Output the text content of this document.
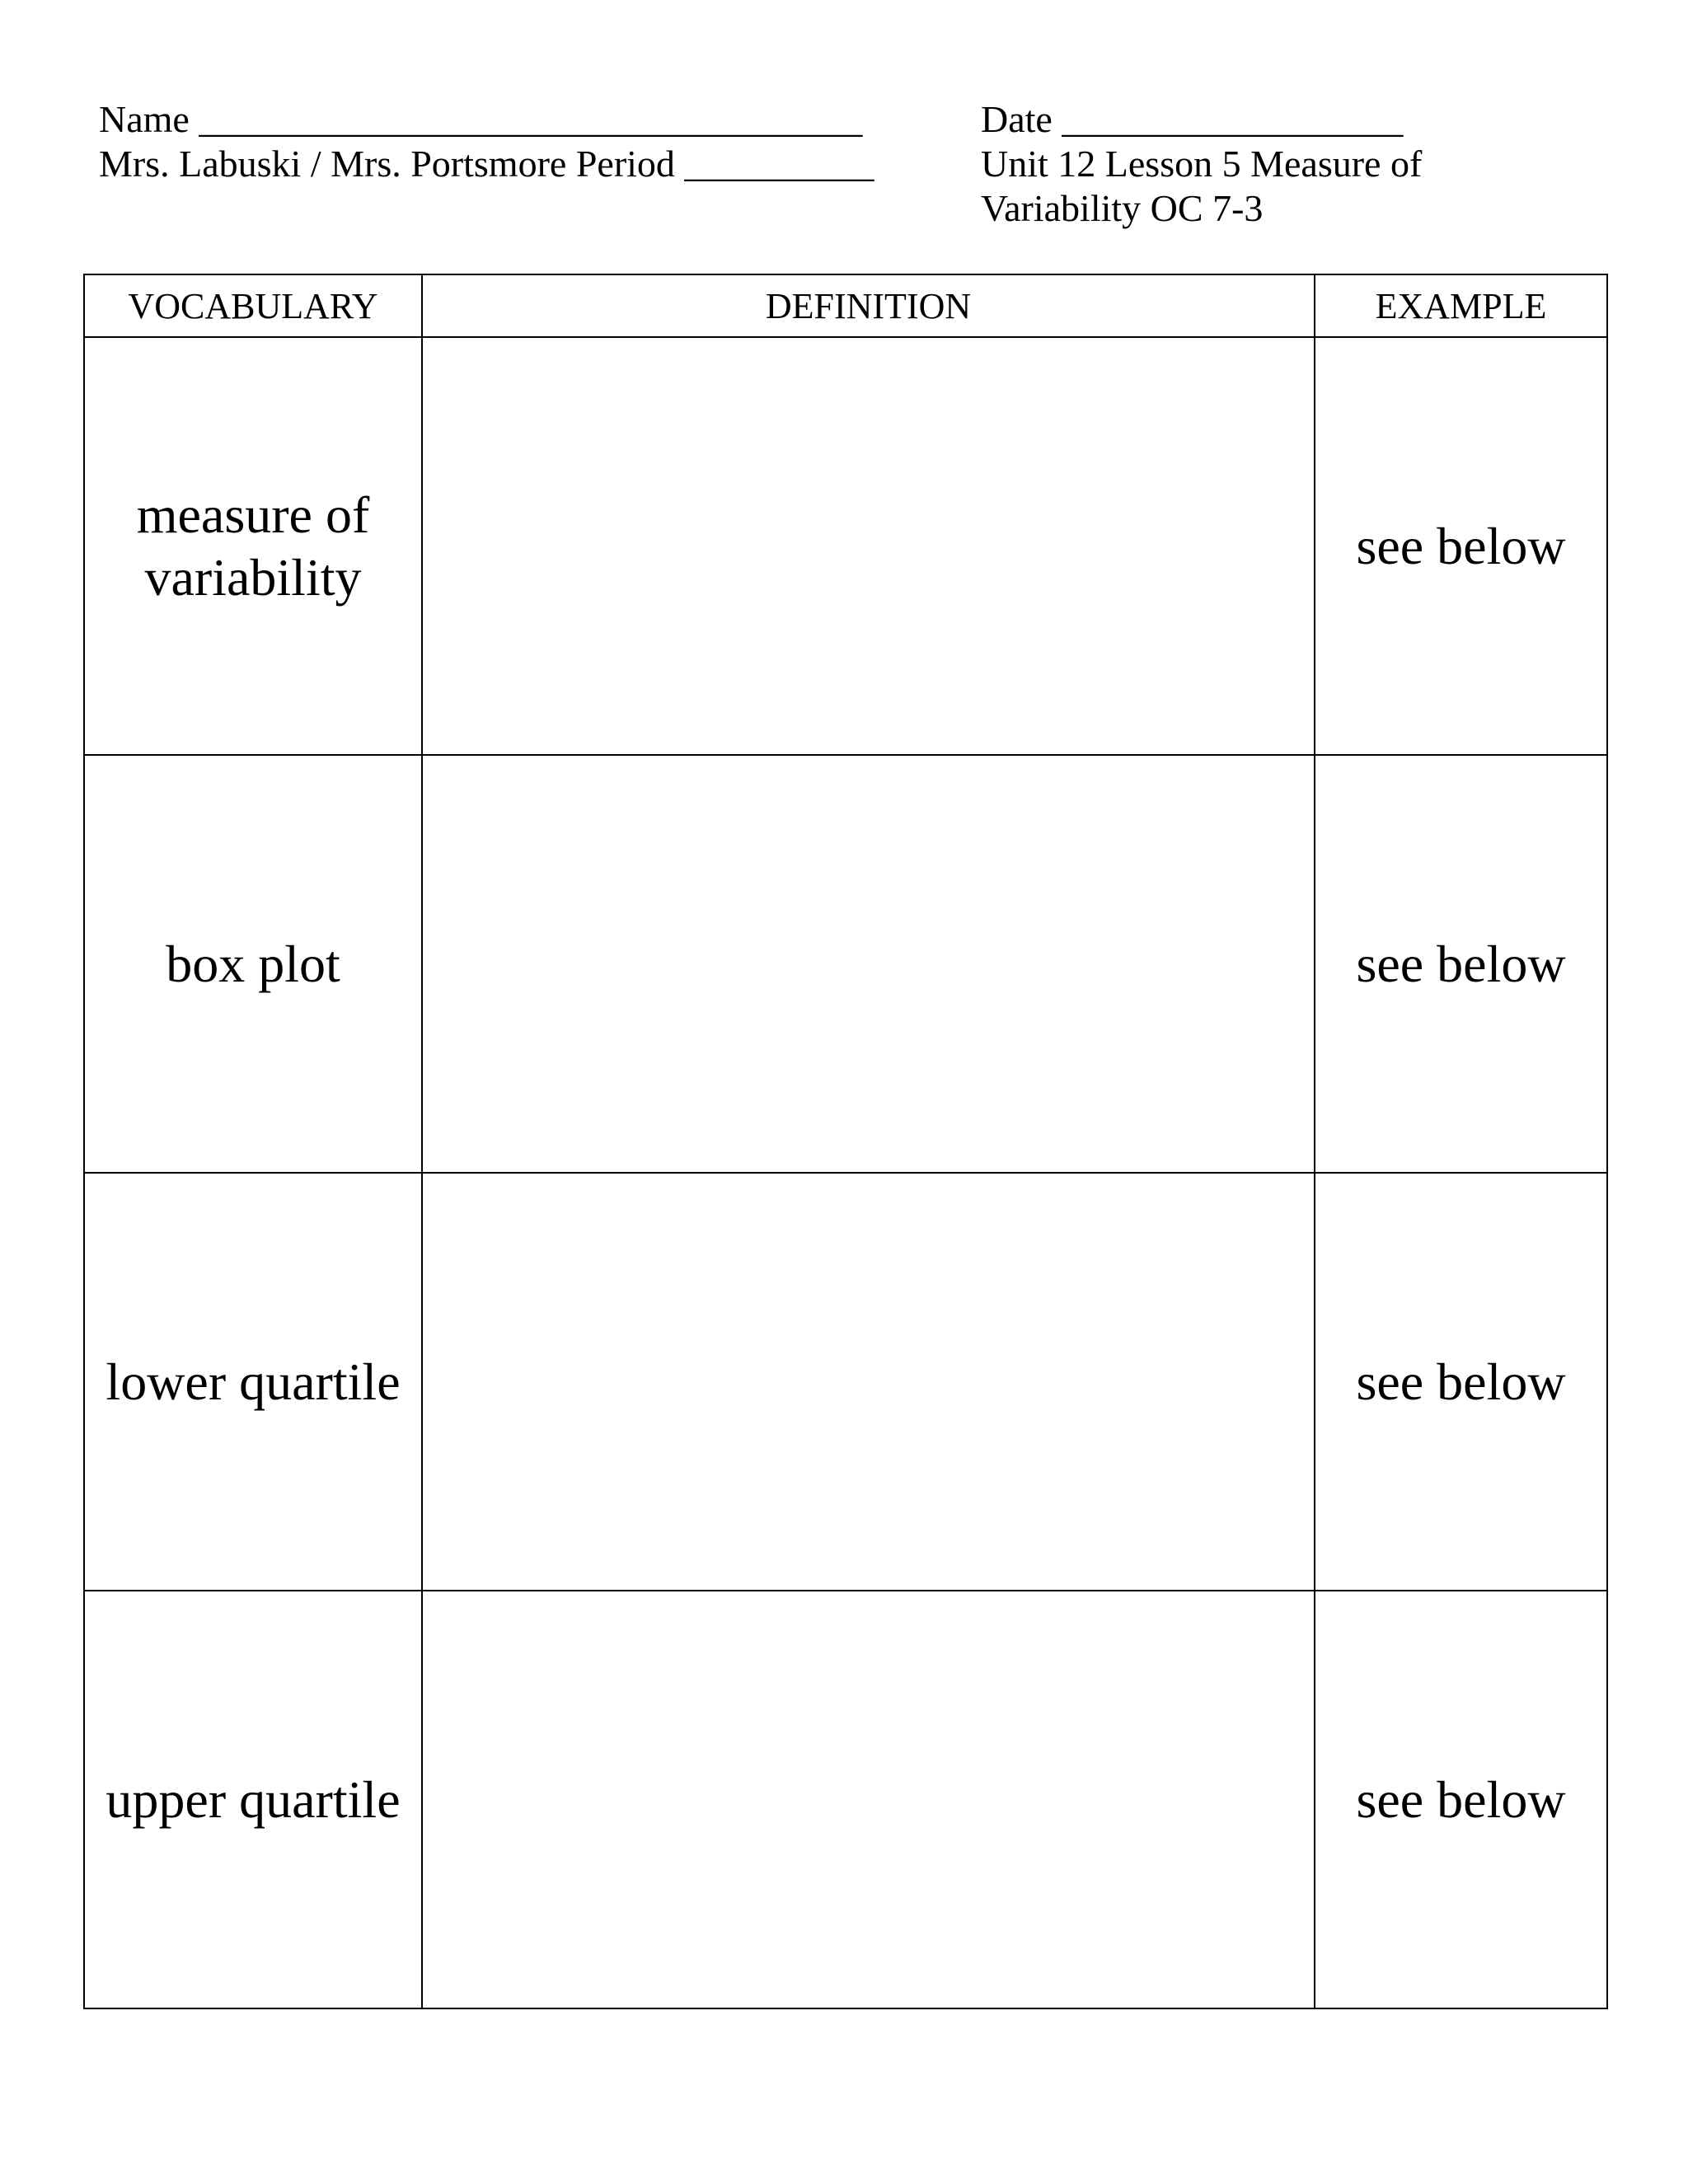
Name ___________________________________
Mrs. Labuski / Mrs. Portsmore Period __________
Date __________________
Unit 12 Lesson 5 Measure of
Variability OC 7-3
VOCABULARY	DEFINITION	EXAMPLE

measure of
variability		see below

box plot		see below

lower quartile		see below

upper quartile		see below
